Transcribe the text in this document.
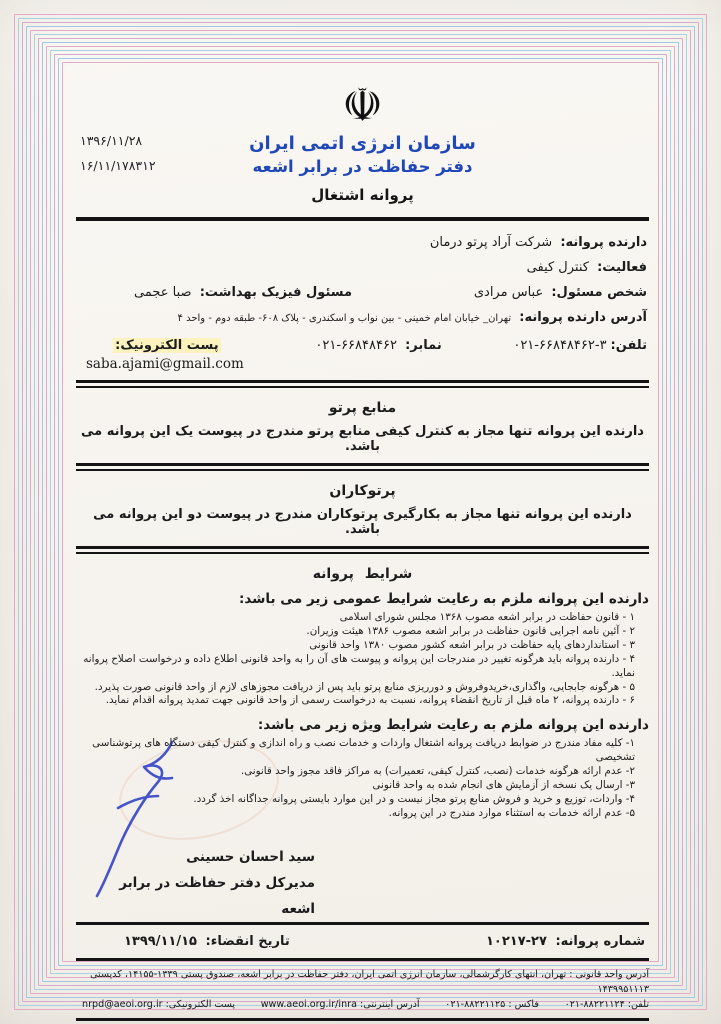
۱۳۹۶/۱۱/۲۸
۱۶/۱۱/۱۷۸۳۱۲
☫
سازمان انرژی اتمی ایران
دفتر حفاظت در برابر اشعه
پروانه اشتغال
دارنده پروانه: شرکت آراد پرتو درمان
فعالیت: کنترل کیفی
شخص مسئول: عباس مرادی
مسئول فیزیک بهداشت: صبا عجمی
آدرس دارنده پروانه: تهران_ خیابان امام خمینی - بین نواب و اسکندری - پلاک ۶۰۸- طبقه دوم - واحد ۴
تلفن:۳-۶۶۸۴۸۴۶۲-۰۲۱
نمابر: ۶۶۸۴۸۴۶۲-۰۲۱
پست الکترونیک:
saba.ajami@gmail.com
منابع پرتو
دارنده این پروانه تنها مجاز به کنترل کیفی منابع پرتو مندرج در پیوست یک این پروانه می باشد.
پرتوکاران
دارنده این پروانه تنها مجاز به بکارگیری پرتوکاران مندرج در پیوست دو این پروانه می باشد.
شرایط پروانه
دارنده این پروانه ملزم به رعایت شرایط عمومی زیر می باشد:
۱ - قانون حفاظت در برابر اشعه مصوب ۱۳۶۸ مجلس شورای اسلامی
۲ - آئین نامه اجرایی قانون حفاظت در برابر اشعه مصوب ۱۳۸۶ هیئت وزیران.
۳ - استانداردهای پایه حفاظت در برابر اشعه کشور مصوب ۱۳۸۰ واحد قانونی
۴ - دارنده پروانه باید هرگونه تغییر در مندرجات این پروانه و پیوست های آن را به واحد قانونی اطلاع داده و درخواست اصلاح پروانه نماید.
۵ - هرگونه جابجایی، واگذاری،خریدوفروش و دورریزی منابع پرتو باید پس از دریافت مجوزهای لازم از واحد قانونی صورت پذیرد.
۶ - دارنده پروانه، ۲ ماه قبل از تاریخ انقضاء پروانه، نسبت به درخواست رسمی از واحد قانونی جهت تمدید پروانه اقدام نماید.
دارنده این پروانه ملزم به رعایت شرایط ویژه زیر می باشد:
۱- کلیه مفاد مندرج در ضوابط دریافت پروانه اشتغال واردات و خدمات نصب و راه اندازی و کنترل کیفی دستگاه های پرتوشناسی تشخیصی
۲- عدم ارائه هرگونه خدمات (نصب، کنترل کیفی، تعمیرات) به مراکز فاقد مجوز واحد قانونی.
۳- ارسال یک نسخه از آزمایش های انجام شده به واحد قانونی
۴- واردات، توزیع و خرید و فروش منابع پرتو مجاز نیست و در این موارد بایستی پروانه جداگانه اخذ گردد.
۵- عدم ارائه خدمات به استثناء موارد مندرج در این پروانه.
سید احسان حسینی
مدیرکل دفتر حفاظت در برابر اشعه
شماره پروانه: ۲۷-۱۰۲۱۷
تاریخ انقضاء: ۱۳۹۹/۱۱/۱۵
آدرس واحد قانونی : تهران، انتهای کارگرشمالی، سازمان انرژی اتمی ایران، دفتر حفاظت در برابر اشعه، صندوق پستی ۱۳۳۹-۱۴۱۵۵، کدپستی ۱۴۳۹۹۵۱۱۱۳
تلفن:۸۸۲۲۱۱۲۴-۰۲۱
فاکس :۸۸۲۲۱۱۲۵-۰۲۱
آدرس اینترنتی:www.aeoi.org.ir/inra
پست الکترونیکی:nrpd@aeoi.org.ir
